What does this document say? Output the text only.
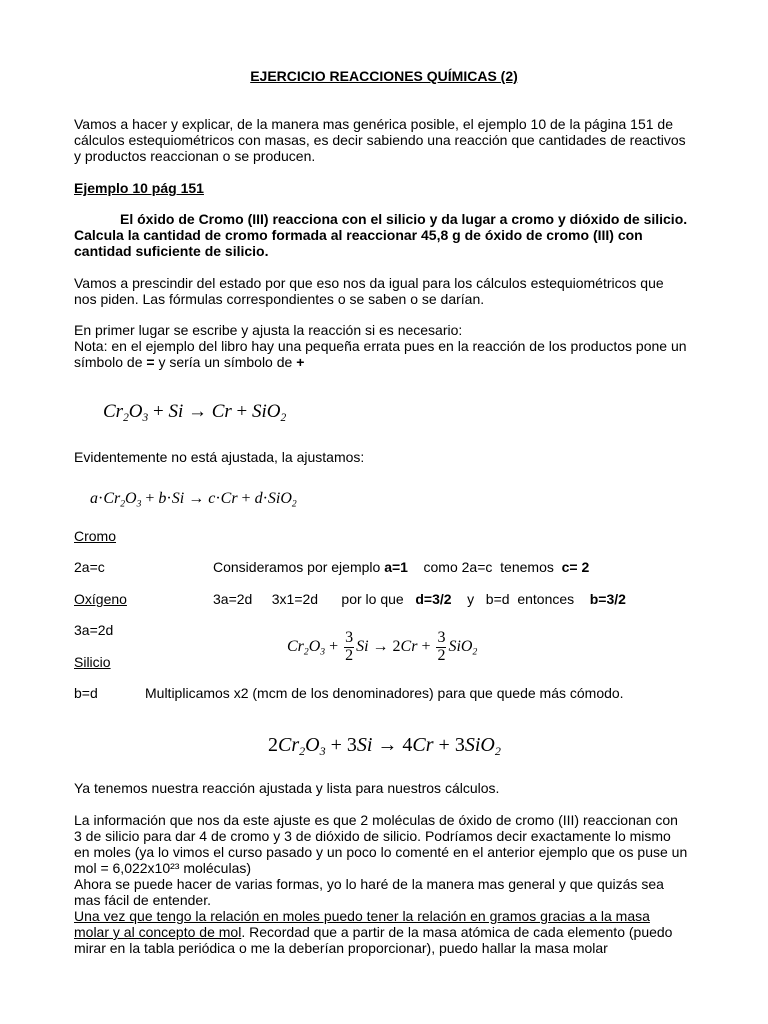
EJERCICIO REACCIONES QUÍMICAS (2)
Vamos a hacer y explicar, de la manera mas genérica posible, el ejemplo 10 de la página 151 de
cálculos estequiométricos con masas, es decir sabiendo una reacción que cantidades de reactivos
y productos reaccionan o se producen.
Ejemplo 10 pág 151
El óxido de Cromo (III) reacciona con el silicio y da lugar a cromo y dióxido de silicio.
Calcula la cantidad de cromo formada al reaccionar 45,8 g de óxido de cromo (III) con
cantidad suficiente de silicio.
Vamos a prescindir del estado por que eso nos da igual para los cálculos estequiométricos que
nos piden. Las fórmulas correspondientes o se saben o se darían.
En primer lugar se escribe y ajusta la reacción si es necesario:
Nota: en el ejemplo del libro hay una pequeña errata pues en la reacción de los productos pone un
símbolo de = y sería un símbolo de +
$Cr_2O_3 + Si \to Cr + SiO_2$
Evidentemente no está ajustada, la ajustamos:
$a\cdot Cr_2O_3 + b\cdot Si \to c\cdot Cr + d\cdot SiO_2$
Cromo
2a=c	Consideramos por ejemplo a=1    como 2a=c  tenemos  c= 2
Oxígeno	3a=2d     3x1=2d      por lo que   d=3/2    y   b=d  entonces    b=3/2
3a=2d
$Cr_2O_3 + \frac{3}{2}$ $Si \to 2Cr + \frac{3}{2} SiO_2$
Silicio
b=d	Multiplicamos x2 (mcm de los denominadores) para que quede más cómodo.
$2Cr_2O_3 + 3Si \to 4Cr + 3SiO_2$
Ya tenemos nuestra reacción ajustada y lista para nuestros cálculos.
La información que nos da este ajuste es que 2 moléculas de óxido de cromo (III) reaccionan con
3 de silicio para dar 4 de cromo y 3 de dióxido de silicio. Podríamos decir exactamente lo mismo
en moles (ya lo vimos el curso pasado y un poco lo comenté en el anterior ejemplo que os puse un
mol = 6,022x10²³ moléculas)
Ahora se puede hacer de varias formas, yo lo haré de la manera mas general y que quizás sea
mas fácil de entender.
Una vez que tengo la relación en moles puedo tener la relación en gramos gracias a la masa
molar y al concepto de mol. Recordad que a partir de la masa atómica de cada elemento (puedo
mirar en la tabla periódica o me la deberían proporcionar), puedo hallar la masa molar
